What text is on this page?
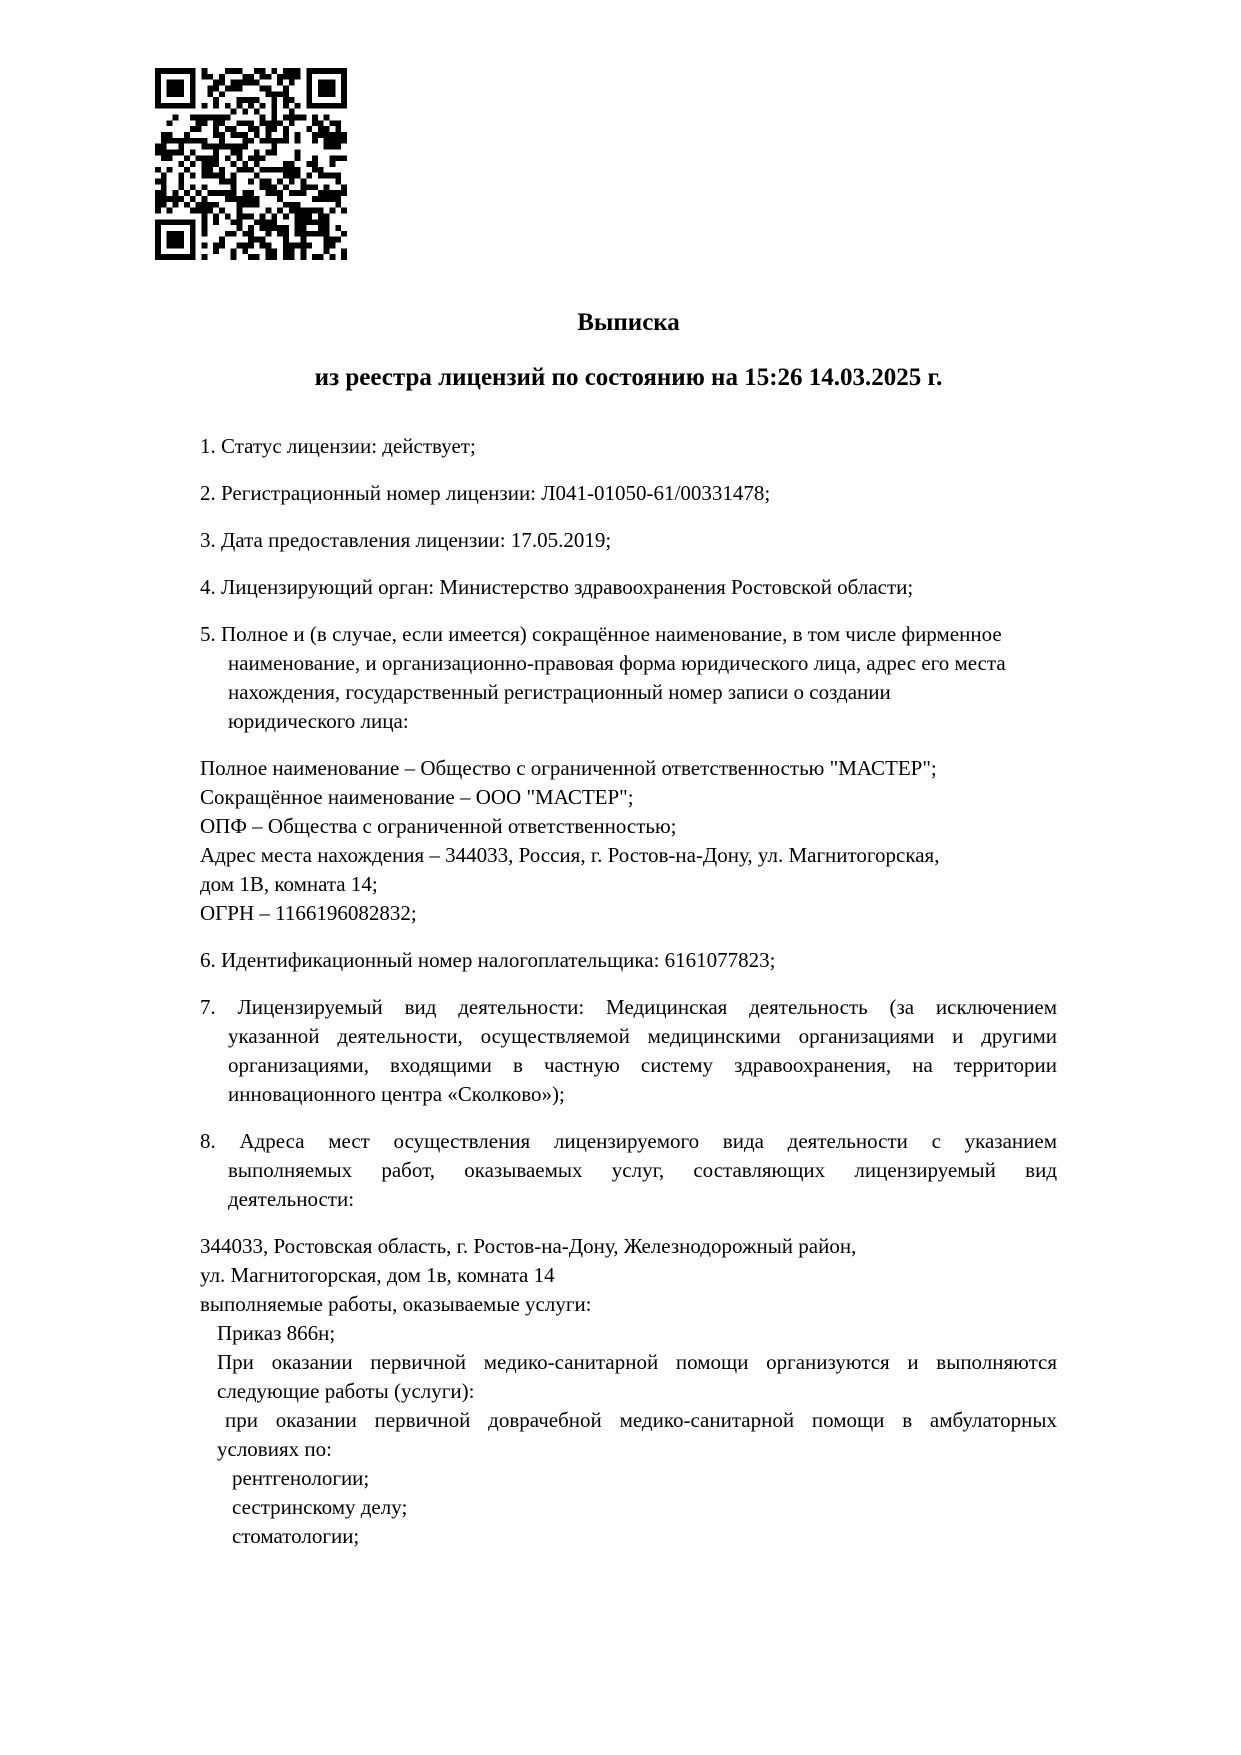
Выписка
из реестра лицензий по состоянию на 15:26 14.03.2025 г.
1. Статус лицензии: действует;
2. Регистрационный номер лицензии: Л041-01050-61/00331478;
3. Дата предоставления лицензии: 17.05.2019;
4. Лицензирующий орган: Министерство здравоохранения Ростовской области;
5. Полное и (в случае, если имеется) сокращённое наименование, в том числе фирменное
наименование, и организационно-правовая форма юридического лица, адрес его места
нахождения, государственный регистрационный номер записи о создании
юридического лица:
Полное наименование – Общество с ограниченной ответственностью "МАСТЕР";
Сокращённое наименование – ООО "МАСТЕР";
ОПФ – Общества с ограниченной ответственностью;
Адрес места нахождения – 344033, Россия, г. Ростов-на-Дону, ул. Магнитогорская,
дом 1В, комната 14;
ОГРН – 1166196082832;
6. Идентификационный номер налогоплательщика: 6161077823;
7. Лицензируемый вид деятельности: Медицинская деятельность (за исключением
указанной деятельности, осуществляемой медицинскими организациями и другими
организациями, входящими в частную систему здравоохранения, на территории
инновационного центра «Сколково»);
8. Адреса мест осуществления лицензируемого вида деятельности с указанием
выполняемых работ, оказываемых услуг, составляющих лицензируемый вид
деятельности:
344033, Ростовская область, г. Ростов-на-Дону, Железнодорожный район,
ул. Магнитогорская, дом 1в, комната 14
выполняемые работы, оказываемые услуги:
Приказ 866н;
При оказании первичной медико-санитарной помощи организуются и выполняются
следующие работы (услуги):
при оказании первичной доврачебной медико-санитарной помощи в амбулаторных
условиях по:
рентгенологии;
сестринскому делу;
стоматологии;
